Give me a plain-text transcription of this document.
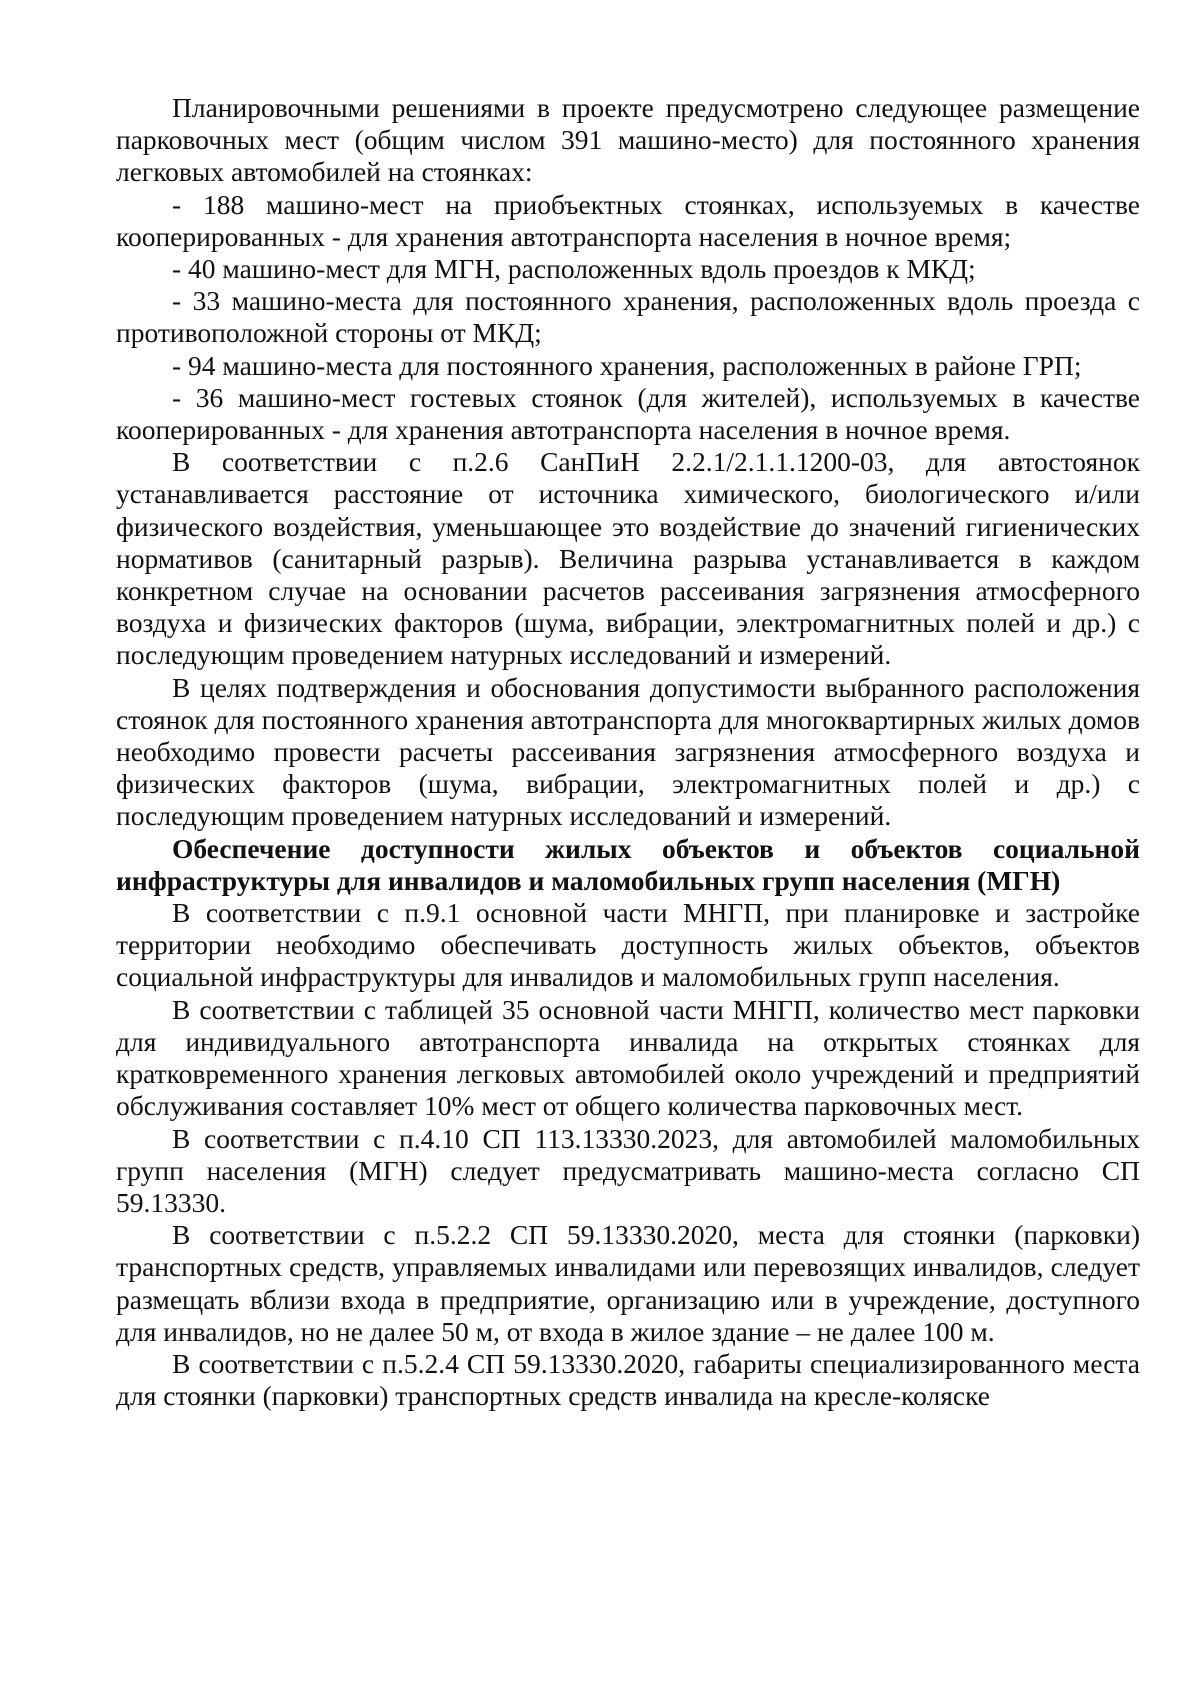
Планировочными решениями в проекте предусмотрено следующее размещение парковочных мест (общим числом 391 машино-место) для постоянного хранения легковых автомобилей на стоянках:

- 188 машино-мест на приобъектных стоянках, используемых в качестве кооперированных - для хранения автотранспорта населения в ночное время;

- 40 машино-мест для МГН, расположенных вдоль проездов к МКД;

- 33 машино-места для постоянного хранения, расположенных вдоль проезда с противоположной стороны от МКД;

- 94 машино-места для постоянного хранения, расположенных в районе ГРП;

- 36 машино-мест гостевых стоянок (для жителей), используемых в качестве кооперированных - для хранения автотранспорта населения в ночное время.

В соответствии с п.2.6 СанПиН 2.2.1/2.1.1.1200-03, для автостоянок устанавливается расстояние от источника химического, биологического и/или физического воздействия, уменьшающее это воздействие до значений гигиенических нормативов (санитарный разрыв). Величина разрыва устанавливается в каждом конкретном случае на основании расчетов рассеивания загрязнения атмосферного воздуха и физических факторов (шума, вибрации, электромагнитных полей и др.) с последующим проведением натурных исследований и измерений.

В целях подтверждения и обоснования допустимости выбранного расположения стоянок для постоянного хранения автотранспорта для многоквартирных жилых домов необходимо провести расчеты рассеивания загрязнения атмосферного воздуха и физических факторов (шума, вибрации, электромагнитных полей и др.) с последующим проведением натурных исследований и измерений.

Обеспечение доступности жилых объектов и объектов социальной инфраструктуры для инвалидов и маломобильных групп населения (МГН)

В соответствии с п.9.1 основной части МНГП, при планировке и застройке территории необходимо обеспечивать доступность жилых объектов, объектов социальной инфраструктуры для инвалидов и маломобильных групп населения.

В соответствии с таблицей 35 основной части МНГП, количество мест парковки для индивидуального автотранспорта инвалида на открытых стоянках для кратковременного хранения легковых автомобилей около учреждений и предприятий обслуживания составляет 10% мест от общего количества парковочных мест.

В соответствии с п.4.10 СП 113.13330.2023, для автомобилей маломобильных групп населения (МГН) следует предусматривать машино-места согласно СП 59.13330.

В соответствии с п.5.2.2 СП 59.13330.2020, места для стоянки (парковки) транспортных средств, управляемых инвалидами или перевозящих инвалидов, следует размещать вблизи входа в предприятие, организацию или в учреждение, доступного для инвалидов, но не далее 50 м, от входа в жилое здание – не далее 100 м.

В соответствии с п.5.2.4 СП 59.13330.2020, габариты специализированного места для стоянки (парковки) транспортных средств инвалида на кресле-коляске
